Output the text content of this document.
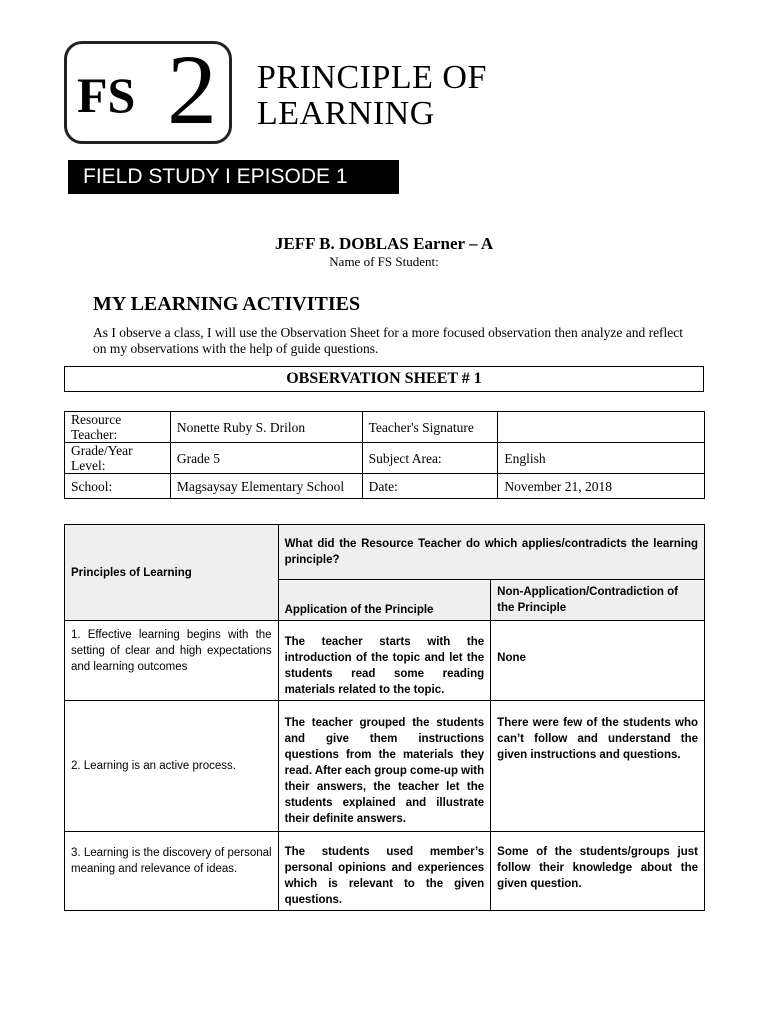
FS 2 PRINCIPLE OF
LEARNING
FIELD STUDY I EPISODE 1
JEFF B. DOBLAS Earner – A
Name of FS Student:
MY LEARNING ACTIVITIES
As I observe a class, I will use the Observation Sheet for a more focused observation then analyze and reflect on my observations with the help of guide questions.
OBSERVATION SHEET # 1
Resource Teacher:	Nonette Ruby S. Drilon	Teacher's Signature	
Grade/Year Level:	Grade 5	Subject Area:	English
School:	Magsaysay Elementary School	Date:	November 21, 2018
Principles of Learning	What did the Resource Teacher do which applies/contradicts the learning principle?	
	Application of the Principle	Non-Application/Contradiction of the Principle
1. Effective learning begins with the setting of clear and high expectations and learning outcomes	The teacher starts with the introduction of the topic and let the students read some reading materials related to the topic.	None
2. Learning is an active process.	The teacher grouped the students and give them instructions questions from the materials they read. After each group come-up with their answers, the teacher let the students explained and illustrate their definite answers.	There were few of the students who can’t follow and understand the given instructions and questions.
3. Learning is the discovery of personal meaning and relevance of ideas.	The students used member’s personal opinions and experiences which is relevant to the given questions.	Some of the students/groups just follow their knowledge about the given question.
